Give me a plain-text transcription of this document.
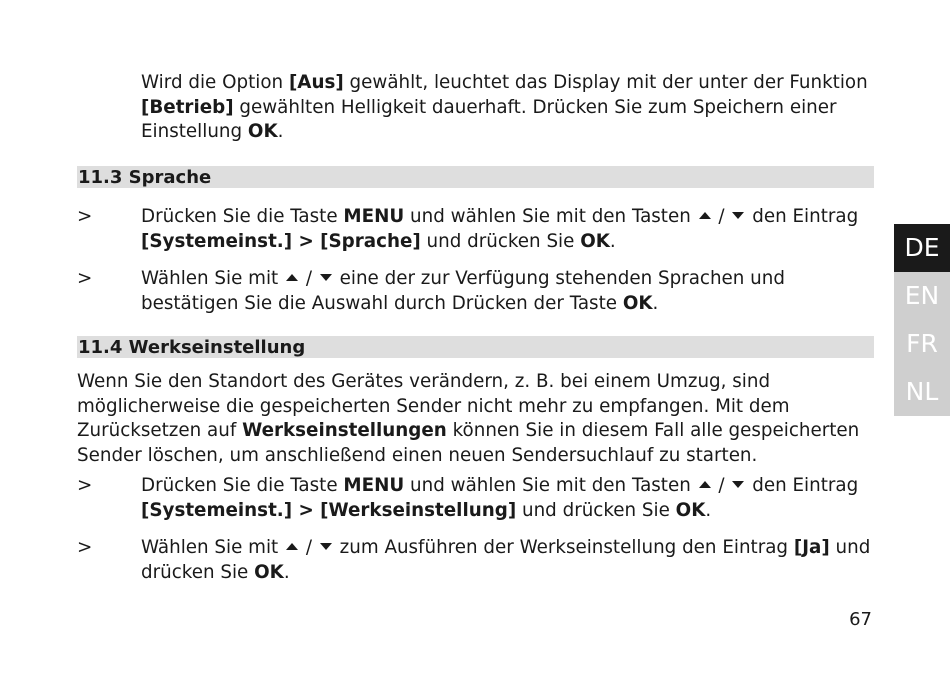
Wird die Option [Aus] gewählt, leuchtet das Display mit der unter der Funktion [Betrieb] gewählten Helligkeit dauerhaft. Drücken Sie zum Speichern einer Einstellung OK.
11.3 Sprache
>	Drücken Sie die Taste MENU und wählen Sie mit den Tasten  /  den Eintrag [Systemeinst.] > [Sprache] und drücken Sie OK.
>	Wählen Sie mit  /  eine der zur Verfügung stehenden Sprachen und bestätigen Sie die Auswahl durch Drücken der Taste OK.
11.4 Werkseinstellung
Wenn Sie den Standort des Gerätes verändern, z. B. bei einem Umzug, sind möglicherweise die gespeicherten Sender nicht mehr zu empfangen. Mit dem Zurücksetzen auf Werkseinstellungen können Sie in diesem Fall alle gespeicherten Sender löschen, um anschließend einen neuen Sendersuchlauf zu starten.
>	Drücken Sie die Taste MENU und wählen Sie mit den Tasten  /  den Eintrag [Systemeinst.] > [Werkseinstellung] und drücken Sie OK.
>	Wählen Sie mit  /  zum Ausführen der Werkseinstellung den Eintrag [Ja] und drücken Sie OK.
DE
EN
FR
NL
67
